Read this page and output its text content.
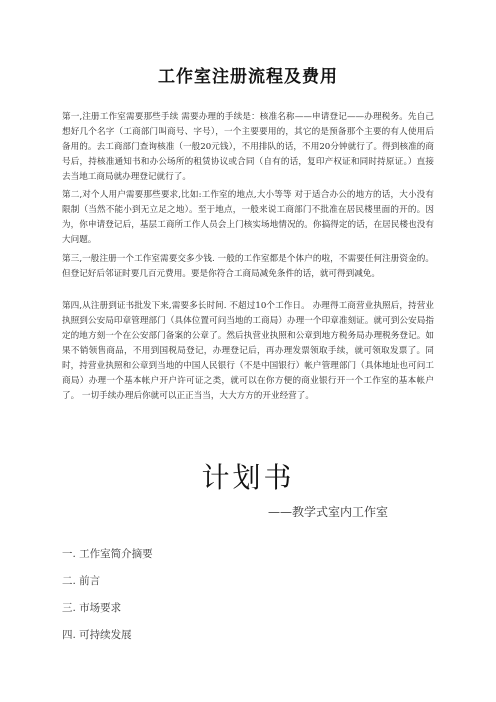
工作室注册流程及费用
第一,注册工作室需要那些手续 需要办理的手续是：核准名称——申请登记——办理税务。先自己想好几个名字（工商部门叫商号、字号），一个主要要用的，其它的是预备那个主要的有人使用后备用的。去工商部门查询核准（一般20元钱），不用排队的话，不用20分钟就行了。得到核准的商号后，持核准通知书和办公场所的租赁协议或合同（自有的话，复印产权证和同时持原证。）直接去当地工商局就办理登记就行了。
第二,对个人用户需要那些要求,比如:工作室的地点,大小等等 对于适合办公的地方的话，大小没有限制（当然不能小到无立足之地）。至于地点，一般来说工商部门不批准在居民楼里面的开的。因为，你申请登记后，基层工商所工作人员会上门核实场地情况的。你搞得定的话，在居民楼也没有大问题。
第三,一般注册一个工作室需要交多少钱. 一般的工作室都是个体户的啦，不需要任何注册资金的。但登记好后邻证时要几百元费用。要是你符合工商局减免条件的话，就可得到减免。
第四,从注册到证书批发下来,需要多长时间. 不超过10个工作日。 办理得工商营业执照后，持营业执照到公安局印章管理部门（具体位置可问当地的工商局）办理一个印章准刻证。就可到公安局指定的地方刻一个在公安部门备案的公章了。然后执营业执照和公章到地方税务局办理税务登记。如果不销领售商品，不用到国税局登记，办理登记后，再办理发票领取手续，就可领取发票了。同时，持营业执照和公章到当地的中国人民银行（不是中国银行）帐户管理部门（具体地址也可问工商局）办理一个基本帐户开户许可证之类，就可以在你方便的商业银行开一个工作室的基本帐户了。 一切手续办理后你就可以正正当当，大大方方的开业经营了。
计划书
——教学式室内工作室
一. 工作室简介摘要
二. 前言
三. 市场要求
四. 可持续发展
